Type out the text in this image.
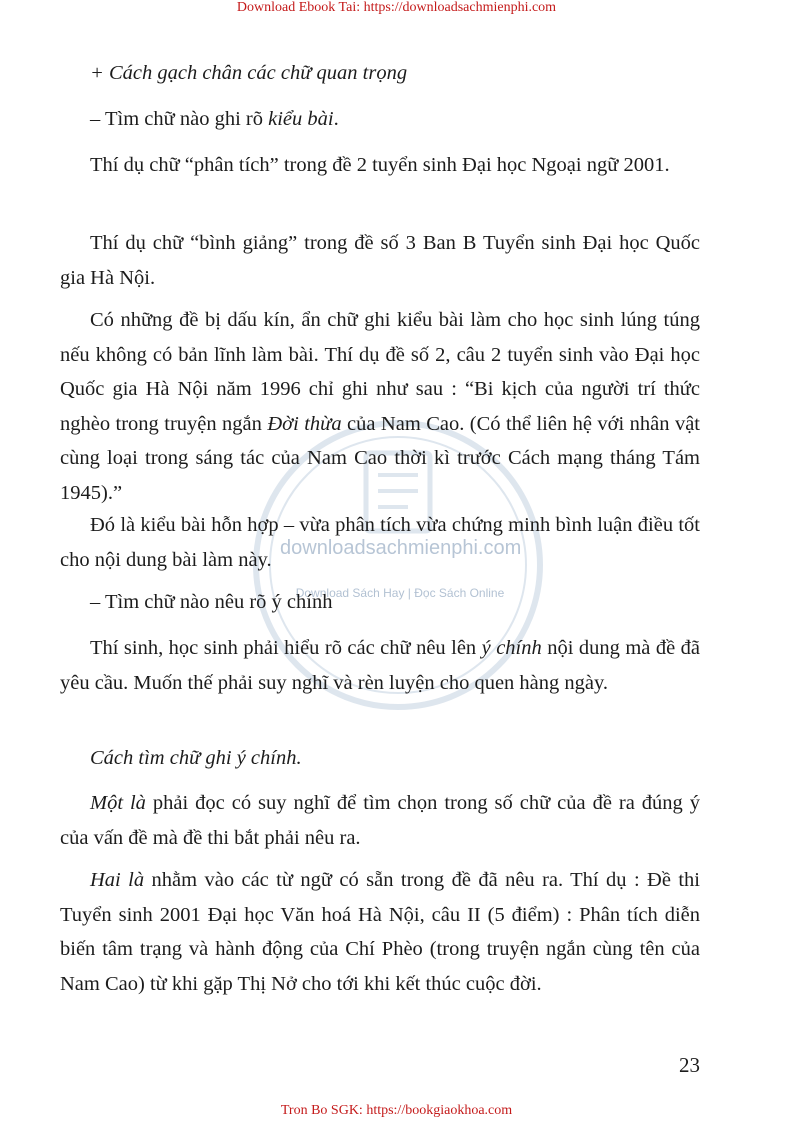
Download Ebook Tai: https://downloadsachmienphi.com
downloadsachmienphi.com
Download Sách Hay | Đọc Sách Online

+ Cách gạch chân các chữ quan trọng

– Tìm chữ nào ghi rõ kiểu bài.

Thí dụ chữ “phân tích” trong đề 2 tuyển sinh Đại học Ngoại ngữ 2001.

Thí dụ chữ “bình giảng” trong đề số 3 Ban B Tuyển sinh Đại học Quốc gia Hà Nội.

Có những đề bị dấu kín, ẩn chữ ghi kiểu bài làm cho học sinh lúng túng nếu không có bản lĩnh làm bài. Thí dụ đề số 2, câu 2 tuyển sinh vào Đại học Quốc gia Hà Nội năm 1996 chỉ ghi như sau : “Bi kịch của người trí thức nghèo trong truyện ngắn Đời thừa của Nam Cao. (Có thể liên hệ với nhân vật cùng loại trong sáng tác của Nam Cao thời kì trước Cách mạng tháng Tám 1945).”

Đó là kiểu bài hỗn hợp – vừa phân tích vừa chứng minh bình luận điều tốt cho nội dung bài làm này.

– Tìm chữ nào nêu rõ ý chính

Thí sinh, học sinh phải hiểu rõ các chữ nêu lên ý chính nội dung mà đề đã yêu cầu. Muốn thế phải suy nghĩ và rèn luyện cho quen hàng ngày.

Cách tìm chữ ghi ý chính.

Một là phải đọc có suy nghĩ để tìm chọn trong số chữ của đề ra đúng ý của vấn đề mà đề thi bắt phải nêu ra.

Hai là nhằm vào các từ ngữ có sẵn trong đề đã nêu ra. Thí dụ : Đề thi Tuyển sinh 2001 Đại học Văn hoá Hà Nội, câu II (5 điểm) : Phân tích diễn biến tâm trạng và hành động của Chí Phèo (trong truyện ngắn cùng tên của Nam Cao) từ khi gặp Thị Nở cho tới khi kết thúc cuộc đời.

23
Tron Bo SGK: https://bookgiaokhoa.com
